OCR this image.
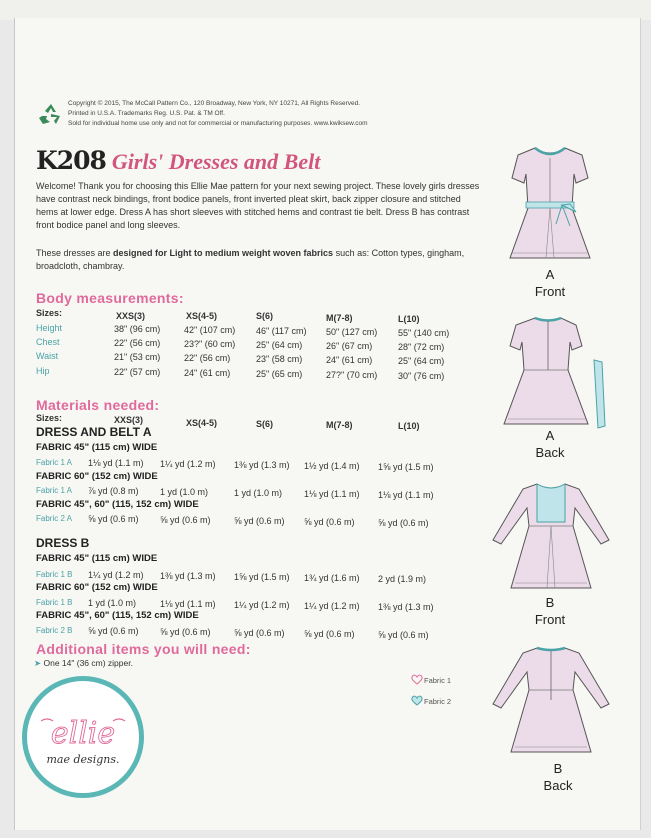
Copyright © 2015, The McCall Pattern Co., 120 Broadway, New York, NY 10271, All Rights Reserved.
Printed in U.S.A. Trademarks Reg. U.S. Pat. & TM Off.
Sold for individual home use only and not for commercial or manufacturing purposes. www.kwiksew.com
K208 Girls' Dresses and Belt
Welcome! Thank you for choosing this Ellie Mae pattern for your next sewing project. These lovely girls dresses have contrast neck bindings, front bodice panels, front inverted pleat skirt, back zipper closure and stitched hems at lower edge. Dress A has short sleeves with stitched hems and contrast tie belt. Dress B has contrast front bodice panel and long sleeves.
These dresses are designed for Light to medium weight woven fabrics such as: Cotton types, gingham, broadcloth, chambray.
Body measurements:
Sizes:	XXS(3)	XS(4-5)	S(6)	M(7-8)	L(10)
Height	38" (96 cm)	42" (107 cm) 46" (117 cm) 50" (127 cm) 55" (140 cm)
Chest	22" (56 cm)	23?" (60 cm) 25" (64 cm)	26" (67 cm)	28" (72 cm)
Waist	21" (53 cm)	22" (56 cm)	23" (58 cm)	24" (61 cm)	25" (64 cm)
Hip	22" (57 cm)	24" (61 cm)	25" (65 cm)	27?" (70 cm) 30" (76 cm)
Materials needed:
Sizes:	XXS(3)	XS(4-5)	S(6)	M(7-8)	L(10)
DRESS AND BELT A
FABRIC 45" (115 cm) WIDE
Fabric 1 A 1⅛ yd (1.1 m) 1¼ yd (1.2 m) 1⅜ yd (1.3 m) 1½ yd (1.4 m) 1⅝ yd (1.5 m)
FABRIC 60" (152 cm) WIDE
Fabric 1 A ⅞ yd (0.8 m) 1 yd (1.0 m)	1 yd (1.0 m) 1⅛ yd (1.1 m) 1⅛ yd (1.1 m)
FABRIC 45", 60" (115, 152 cm) WIDE
Fabric 2 A ⅝ yd (0.6 m) ⅝ yd (0.6 m)	⅝ yd (0.6 m) ⅝ yd (0.6 m)	⅝ yd (0.6 m)
DRESS B
FABRIC 45" (115 cm) WIDE
Fabric 1 B 1¼ yd (1.2 m) 1⅜ yd (1.3 m) 1⅝ yd (1.5 m) 1¾ yd (1.6 m) 2 yd (1.9 m)
FABRIC 60" (152 cm) WIDE
Fabric 1 B 1 yd (1.0 m)	1⅛ yd (1.1 m) 1¼ yd (1.2 m) 1¼ yd (1.2 m) 1⅜ yd (1.3 m)
FABRIC 45", 60" (115, 152 cm) WIDE
Fabric 2 B ⅝ yd (0.6 m) ⅝ yd (0.6 m)	⅝ yd (0.6 m) ⅝ yd (0.6 m)	⅝ yd (0.6 m)
Additional items you will need:
➤ One 14" (36 cm) zipper.
Fabric 1
Fabric 2
ellie
mae designs.
A
Front
A
Back
B
Front
B
Back
